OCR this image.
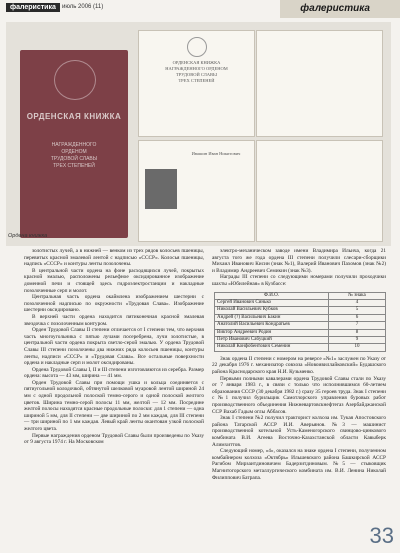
фалеристика	июль 2006 (11)	фалеристика
ОРДЕНСКАЯ КНИЖКА
НАГРАЖДЕННОГО
ОРДЕНОМ
ТРУДОВОЙ СЛАВЫ
ТРЕХ СТЕПЕНЕЙ
ОРДЕНСКАЯ КНИЖКА
НАГРАЖДЕННОГО ОРДЕНОМ
ТРУДОВОЙ СЛАВЫ
ТРЕХ СТЕПЕНЕЙ
Ивашин Иван Никитович
Ордена книжка

золотистых лучей, а в нижней — венком из трех рядов колосьев пшеницы, перевитых красной эмалевой лентой с надписью «СССР». Колосья пшеницы, надпись «СССР» и контуры ленты позолочены.

В центральной части ордена на фоне расходящихся лучей, покрытых красной эмалью, расположены рельефное оксидированное изображение доменной печи и стоящей здесь гидроэлектростанции и накладные позолоченные серп и молот.

Центральная часть ордена окаймлена изображением шестерни с позолоченной надписью по окружности «Трудовая Слава». Изображение шестерни оксидировано.

В верхней части ордена находится пятиконечная красной эмалевая звездочка с позолоченным контуром.

Орден Трудовой Славы II степени отличается от I степени тем, что верхняя часть многоугольника с пятью лучами посеребрена, лучи золотистые, в центральной части ордена покрыта светло-серой эмалью. У ордена Трудовой Славы III степени позолочены два нижних ряда колосьев пшеницы, контуры ленты, надписи «СССР» и «Трудовая Слава». Все остальные поверхности ордена и накладные серп и молот оксидированы.

Ордена Трудовой Славы I, II и III степени изготовляются из серебра. Размер ордена: высота — 43 мм, ширина — 41 мм.

Орден Трудовой Славы при помощи ушка и кольца соединяется с пятиугольной колодочкой, обтянутой шелковой муаровой лентой шириной 24 мм с одной продольной полоской темно-серого и одной полоской желтого цветов. Ширина темно-серой полосы 11 мм, желтой — 12 мм. Посредине желтой полосы находятся красные продольные полоски: для 1 степени — одна шириной 5 мм, для II степени — две шириной по 2 мм каждая, для III степени — три шириной по 1 мм каждая. Левый край ленты окантован узкой полоской желтого цвета.

Первые награждения орденом Трудовой Славы были произведены по Указу от 9 августа 1974 г. На Московском

электро-механическом заводе имени Владимира Ильича, когда 21 августа того же года ордена III степени получили слесари-сборщики Михаил Иванович Кисин (знак №1), Валерий Иванович Пахомов (знак №2) и Владимир Андреевич Семикин (знак №3).

Награды III степени со следующими номерами получили проходчики шахты «Юбилейная» в Кузбассе:

Ф.И.О.	№ знака
Сергей Иванович Синько	4
Николай Васильевич Кубков	5
Андрей (?) Васильевич Бакин	6
Анатолий Васильевич Кондратьев	7
Виктор Андреевич Родин	8
Петр Иванович Сабуцкий	9
Николай Конфобентович Семенин	10

Знак ордена II степени с номером на реверсе «№1» заслужен по Указу от 22 декабря 1976 г. механизатор совхоза «Новоивиллайковский» Будашского района Краснодарского края Н.И. Кузьменко.

Первыми полными кавалерами ордена Трудовой Славы стали по Указу от 7 января 1983 г., в связи с только что исполнившимся 60-летием образования СССР (30 декабря 1982 г.) сразу 35 героев труда. Знак I степени с №1 получил бурильщик Самотлорского управления буровых работ производственного объединения Нижневартовскнефтегаз Азербайджанской ССР Вахаб Гадым оглы Аббасов.

Знак I степени №2 получил тракторист колхоза им. Тукая Апостовского района Татарской АССР И.И. Аверьянов. №3 — машинист производственной котельной Усть-Каменогорского свинцово-цинкового комбината В.И. Агеева Восточно-Казахстанской области Кавыберк Алимхиттов.

Следующий номер, «4», оказался на знаке ордена I степени, полученном комбайнером колхоза «Октябрь» Ильшевского района Башкирской АССР Рагибом Мирзаитдиновичем Бадерзитдиновым. №5 — стыковщик Магнитогорского металлургического комбината им. В.И. Ленина Николай Филиппович Батрапа.

33
